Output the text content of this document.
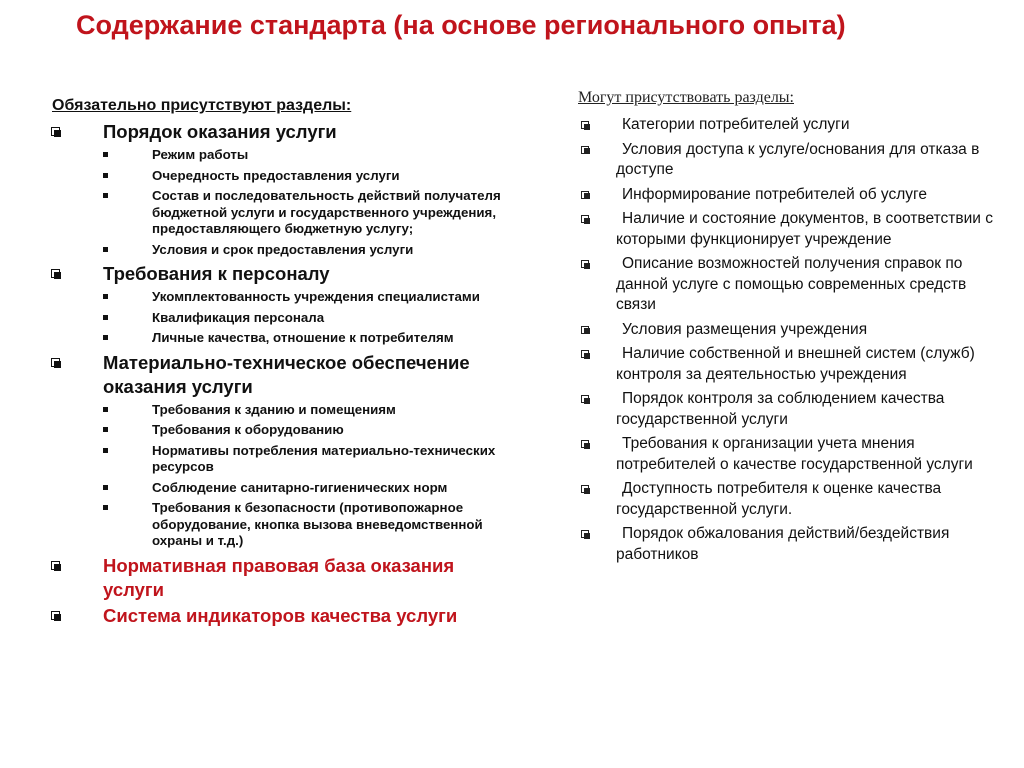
Содержание стандарта (на основе регионального опыта)
Обязательно присутствуют разделы:
Порядок оказания услуги
Режим работы
Очередность предоставления услуги
Состав и последовательность действий получателя бюджетной услуги и государственного учреждения, предоставляющего бюджетную услугу;
Условия и срок предоставления услуги
Требования к персоналу
Укомплектованность учреждения специалистами
Квалификация персонала
Личные качества, отношение к потребителям
Материально-техническое обеспечение оказания услуги
Требования к зданию и помещениям
Требования к оборудованию
Нормативы потребления материально-технических ресурсов
Соблюдение санитарно-гигиенических норм
Требования к безопасности (противопожарное оборудование, кнопка вызова вневедомственной охраны и т.д.)
Нормативная правовая база оказания услуги
Система индикаторов качества услуги
Могут присутствовать разделы:
Категории потребителей услуги
Условия доступа к услуге/основания для отказа в доступе
Информирование потребителей об услуге
Наличие и состояние документов, в соответствии с которыми функционирует учреждение
Описание возможностей получения справок по данной услуге с помощью современных средств связи
Условия размещения учреждения
Наличие собственной и внешней систем (служб) контроля за деятельностью учреждения
Порядок контроля за соблюдением качества государственной услуги
Требования к организации учета мнения потребителей о качестве государственной услуги
Доступность потребителя к оценке качества государственной услуги.
Порядок обжалования действий/бездействия работников
